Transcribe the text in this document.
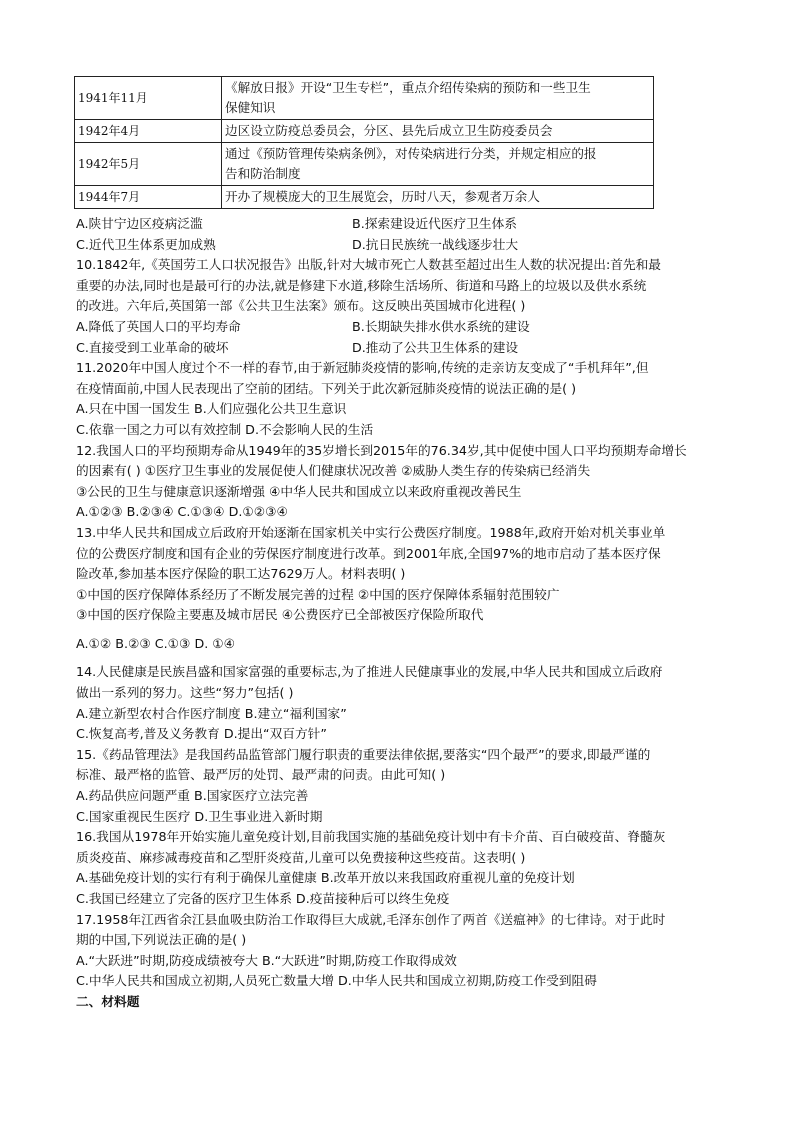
1941年11月	《解放日报》开设“卫生专栏”，重点介绍传染病的预防和一些卫生
保健知识

1942年4月	边区设立防疫总委员会，分区、县先后成立卫生防疫委员会

1942年5月	通过《预防管理传染病条例》，对传染病进行分类，并规定相应的报
告和防治制度

1944年7月	开办了规模庞大的卫生展览会，历时八天，参观者万余人
A.陕甘宁边区疫病泛滥	B.探索建设近代医疗卫生体系
C.近代卫生体系更加成熟	D.抗日民族统一战线逐步壮大
10.1842年,《英国劳工人口状况报告》出版,针对大城市死亡人数甚至超过出生人数的状况提出:首先和最
重要的办法,同时也是最可行的办法,就是修建下水道,移除生活场所、街道和马路上的垃圾以及供水系统
的改进。六年后,英国第一部《公共卫生法案》颁布。这反映出英国城市化进程( )
A.降低了英国人口的平均寿命	B.长期缺失排水供水系统的建设
C.直接受到工业革命的破坏	D.推动了公共卫生体系的建设
11.2020年中国人度过个不一样的春节,由于新冠肺炎疫情的影响,传统的走亲访友变成了“手机拜年”,但
在疫情面前,中国人民表现出了空前的团结。下列关于此次新冠肺炎疫情的说法正确的是( )
A.只在中国一国发生 B.人们应强化公共卫生意识
C.依靠一国之力可以有效控制 D.不会影响人民的生活
12.我国人口的平均预期寿命从1949年的35岁增长到2015年的76.34岁,其中促使中国人口平均预期寿命增长
的因素有( ) ①医疗卫生事业的发展促使人们健康状况改善 ②威胁人类生存的传染病已经消失
③公民的卫生与健康意识逐渐增强 ④中华人民共和国成立以来政府重视改善民生
A.①②③ B.②③④ C.①③④ D.①②③④
13.中华人民共和国成立后政府开始逐渐在国家机关中实行公费医疗制度。1988年,政府开始对机关事业单
位的公费医疗制度和国有企业的劳保医疗制度进行改革。到2001年底,全国97%的地市启动了基本医疗保
险改革,参加基本医疗保险的职工达7629万人。材料表明( )
①中国的医疗保障体系经历了不断发展完善的过程 ②中国的医疗保障体系辐射范围较广
③中国的医疗保险主要惠及城市居民 ④公费医疗已全部被医疗保险所取代
A.①② B.②③ C.①③ D. ①④
14.人民健康是民族昌盛和国家富强的重要标志,为了推进人民健康事业的发展,中华人民共和国成立后政府
做出一系列的努力。这些“努力”包括( )
A.建立新型农村合作医疗制度 B.建立“福利国家”
C.恢复高考,普及义务教育 D.提出“双百方针”
15.《药品管理法》是我国药品监管部门履行职责的重要法律依据,要落实“四个最严”的要求,即最严谨的
标准、最严格的监管、最严厉的处罚、最严肃的问责。由此可知( )
A.药品供应问题严重 B.国家医疗立法完善
C.国家重视民生医疗 D.卫生事业进入新时期
16.我国从1978年开始实施儿童免疫计划,目前我国实施的基础免疫计划中有卡介苗、百白破疫苗、脊髓灰
质炎疫苗、麻疹减毒疫苗和乙型肝炎疫苗,儿童可以免费接种这些疫苗。这表明( )
A.基础免疫计划的实行有利于确保儿童健康 B.改革开放以来我国政府重视儿童的免疫计划
C.我国已经建立了完备的医疗卫生体系 D.疫苗接种后可以终生免疫
17.1958年江西省余江县血吸虫防治工作取得巨大成就,毛泽东创作了两首《送瘟神》的七律诗。对于此时
期的中国,下列说法正确的是( )
A.“大跃进”时期,防疫成绩被夸大 B.“大跃进”时期,防疫工作取得成效
C.中华人民共和国成立初期,人员死亡数量大增 D.中华人民共和国成立初期,防疫工作受到阻碍
二、材料题
